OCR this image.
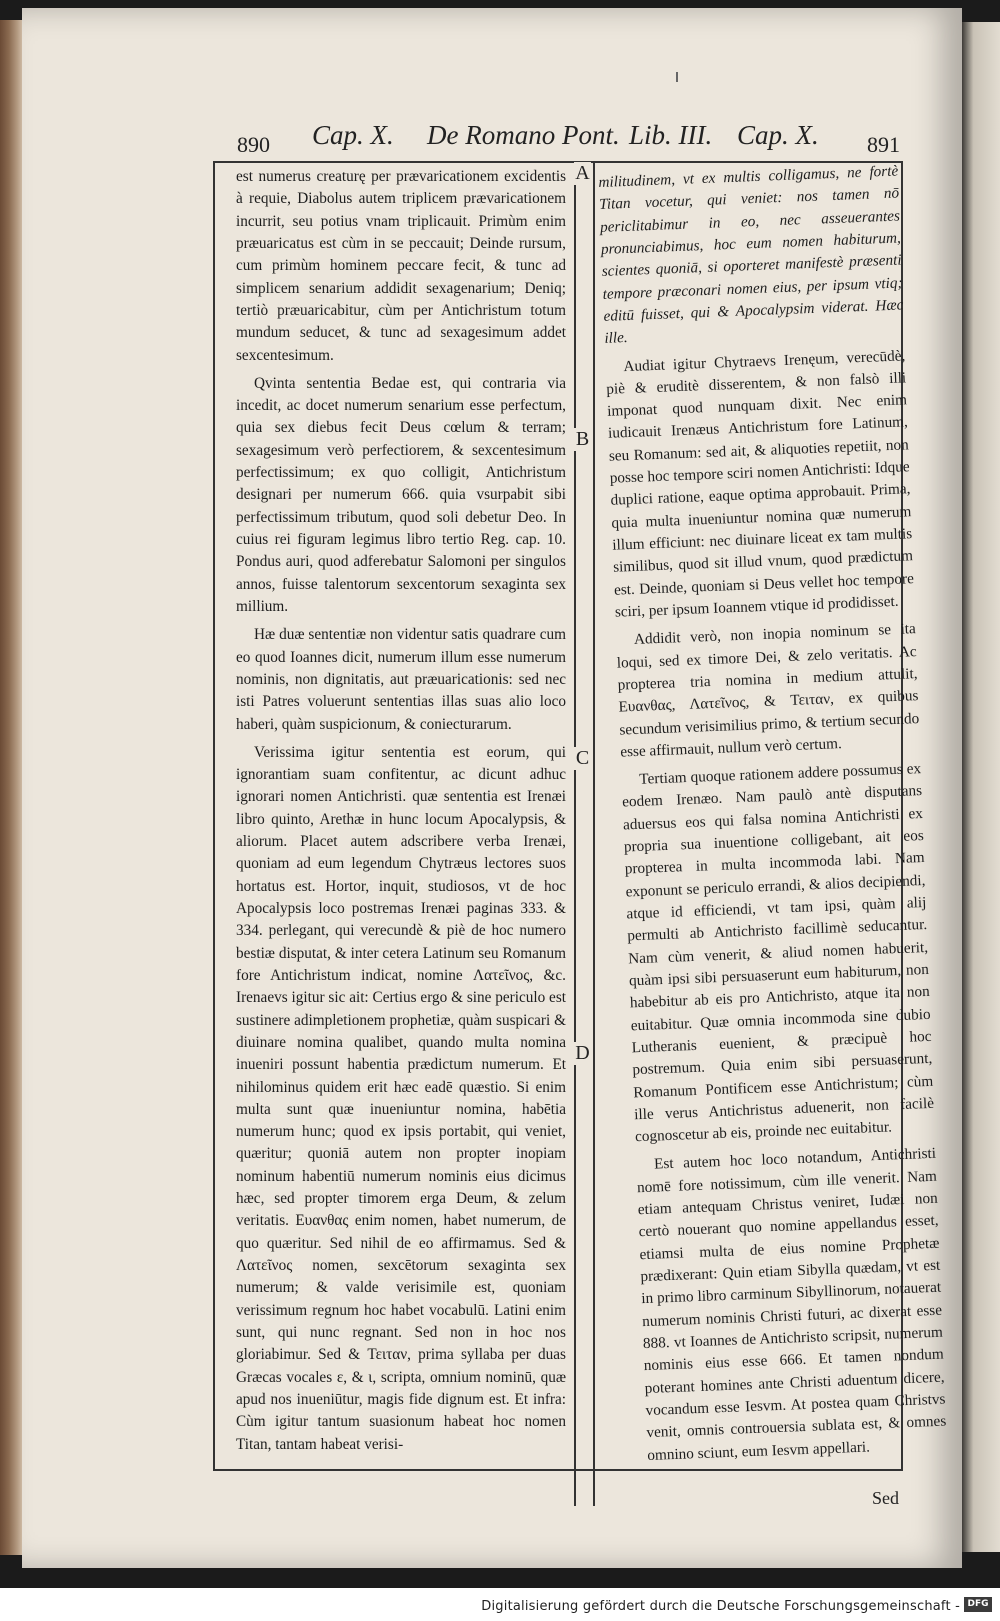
890 Cap. X. De Romano Pont. Lib. III. Cap. X. 891
A
B
C
D

est numerus creaturę per prævaricationem excidentis à requie, Diabolus autem triplicem prævaricationem incurrit, seu potius vnam triplicauit. Primùm enim præuaricatus est cùm in se peccauit; Deinde rursum, cum primùm hominem peccare fecit, & tunc ad simplicem senarium addidit sexagenarium; Deniq; tertiò præuaricabitur, cùm per Antichristum totum mundum seducet, & tunc ad sexagesimum addet sexcentesimum.

Qvinta sententia Bedae est, qui contraria via incedit, ac docet numerum senarium esse perfectum, quia sex diebus fecit Deus cœlum & terram; sexagesimum verò perfectiorem, & sexcentesimum perfectissimum; ex quo colligit, Antichristum designari per numerum 666. quia vsurpabit sibi perfectissimum tributum, quod soli debetur Deo. In cuius rei figuram legimus libro tertio Reg. cap. 10. Pondus auri, quod adferebatur Salomoni per singulos annos, fuisse talentorum sexcentorum sexaginta sex millium.

Hæ duæ sententiæ non videntur satis quadrare cum eo quod Ioannes dicit, numerum illum esse numerum nominis, non dignitatis, aut præuaricationis: sed nec isti Patres voluerunt sententias illas suas alio loco haberi, quàm suspicionum, & coniecturarum.

Verissima igitur sententia est eorum, qui ignorantiam suam confitentur, ac dicunt adhuc ignorari nomen Antichristi. quæ sententia est Irenæi libro quinto, Arethæ in hunc locum Apocalypsis, & aliorum. Placet autem adscribere verba Irenæi, quoniam ad eum legendum Chytræus lectores suos hortatus est. Hortor, inquit, studiosos, vt de hoc Apocalypsis loco postremas Irenæi paginas 333. & 334. perlegant, qui verecundè & piè de hoc numero bestiæ disputat, & inter cetera Latinum seu Romanum fore Antichristum indicat, nomine Λατεῖνος, &c. Irenaevs igitur sic ait: Certius ergo & sine periculo est sustinere adimpletionem prophetiæ, quàm suspicari & diuinare nomina qualibet, quando multa nomina inueniri possunt habentia prædictum numerum. Et nihilominus quidem erit hæc eadē quæstio. Si enim multa sunt quæ inueniuntur nomina, habētia numerum hunc; quod ex ipsis portabit, qui veniet, quæritur; quoniā autem non propter inopiam nominum habentiū numerum nominis eius dicimus hæc, sed propter timorem erga Deum, & zelum veritatis. Ευανθας enim nomen, habet numerum, de quo quæritur. Sed nihil de eo affirmamus. Sed & Λατεῖνος nomen, sexcētorum sexaginta sex numerum; & valde verisimile est, quoniam verissimum regnum hoc habet vocabulū. Latini enim sunt, qui nunc regnant. Sed non in hoc nos gloriabimur. Sed & Τειταν, prima syllaba per duas Græcas vocales ε, & ι, scripta, omnium nominū, quæ apud nos inueniūtur, magis fide dignum est. Et infra: Cùm igitur tantum suasionum habeat hoc nomen Titan, tantam habeat verisi-

militudinem, vt ex multis colligamus, ne fortè Titan vocetur, qui veniet: nos tamen nō periclitabimur in eo, nec asseuerantes pronunciabimus, hoc eum nomen habiturum, scientes quoniā, si oporteret manifestè præsenti tempore præconari nomen eius, per ipsum vtiq; editū fuisset, qui & Apocalypsim viderat. Hæc ille.

Audiat igitur Chytraevs Irenęum, verecūdè, piè & eruditè disserentem, & non falsò illi imponat quod nunquam dixit. Nec enim iudicauit Irenæus Antichristum fore Latinum, seu Romanum: sed ait, & aliquoties repetiit, non posse hoc tempore sciri nomen Antichristi: Idque duplici ratione, eaque optima approbauit. Prima, quia multa inueniuntur nomina quæ numerum illum efficiunt: nec diuinare liceat ex tam multis similibus, quod sit illud vnum, quod prædictum est. Deinde, quoniam si Deus vellet hoc tempore sciri, per ipsum Ioannem vtique id prodidisset.

Addidit verò, non inopia nominum se ita loqui, sed ex timore Dei, & zelo veritatis. Ac propterea tria nomina in medium attulit, Ευανθας, Λατεῖνος, & Τειταν, ex quibus secundum verisimilius primo, & tertium secundo esse affirmauit, nullum verò certum.

Tertiam quoque rationem addere possumus ex eodem Irenæo. Nam paulò antè disputans aduersus eos qui falsa nomina Antichristi ex propria sua inuentione colligebant, ait eos propterea in multa incommoda labi. Nam exponunt se periculo errandi, & alios decipiendi, atque id efficiendi, vt tam ipsi, quàm alij permulti ab Antichristo facillimè seducantur. Nam cùm venerit, & aliud nomen habuerit, quàm ipsi sibi persuaserunt eum habiturum, non habebitur ab eis pro Antichristo, atque ita non euitabitur. Quæ omnia incommoda sine dubio Lutheranis euenient, & præcipuè hoc postremum. Quia enim sibi persuaserunt, Romanum Pontificem esse Antichristum; cùm ille verus Antichristus aduenerit, non facilè cognoscetur ab eis, proinde nec euitabitur.

Est autem hoc loco notandum, Antichristi nomē fore notissimum, cùm ille venerit. Nam etiam antequam Christus veniret, Iudæi non certò nouerant quo nomine appellandus esset, etiamsi multa de eius nomine Prophetæ prædixerant: Quin etiam Sibylla quædam, vt est in primo libro carminum Sibyllinorum, notauerat numerum nominis Christi futuri, ac dixerat esse 888. vt Ioannes de Antichristo scripsit, numerum nominis eius esse 666. Et tamen nondum poterant homines ante Christi aduentum dicere, vocandum esse Iesvm. At postea quam Christvs venit, omnis controuersia sublata est, & omnes omnino sciunt, eum Iesvm appellari.

Sed
Digitalisierung gefördert durch die Deutsche Forschungsgemeinschaft - DFG
